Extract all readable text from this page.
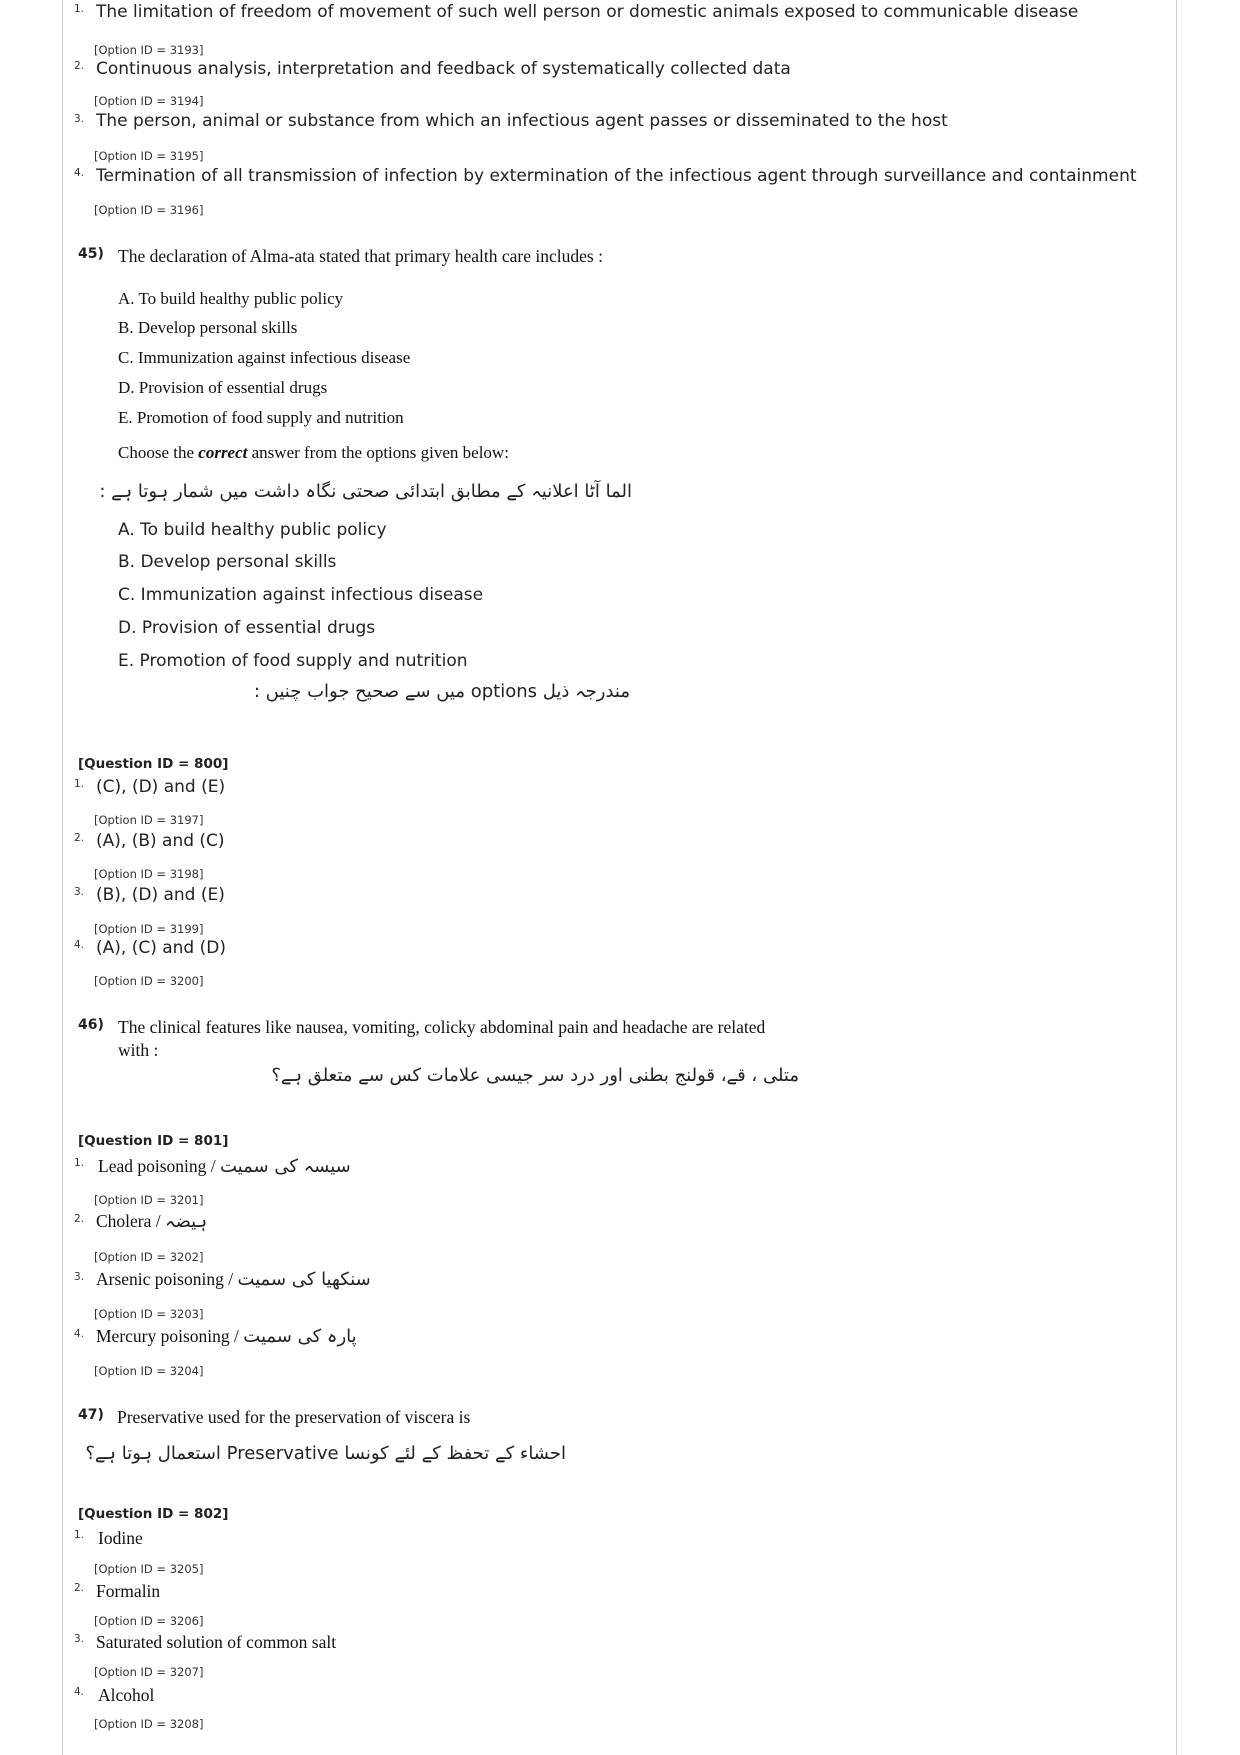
1. The limitation of freedom of movement of such well person or domestic animals exposed to communicable disease
[Option ID = 3193]
2. Continuous analysis, interpretation and feedback of systematically collected data
[Option ID = 3194]
3. The person, animal or substance from which an infectious agent passes or disseminated to the host
[Option ID = 3195]
4. Termination of all transmission of infection by extermination of the infectious agent through surveillance and containment
[Option ID = 3196]
45) The declaration of Alma-ata stated that primary health care includes :
A. To build healthy public policy
B. Develop personal skills
C. Immunization against infectious disease
D. Provision of essential drugs
E. Promotion of food supply and nutrition
Choose the correct answer from the options given below:
الما آٹا اعلانیہ کے مطابق ابتدائی صحتی نگاہ داشت میں شمار ہوتا ہے :
A. To build healthy public policy
B. Develop personal skills
C. Immunization against infectious disease
D. Provision of essential drugs
E. Promotion of food supply and nutrition
مندرجہ ذیل options میں سے صحیح جواب چنیں :
[Question ID = 800]
1. (C), (D) and (E)
[Option ID = 3197]
2. (A), (B) and (C)
[Option ID = 3198]
3. (B), (D) and (E)
[Option ID = 3199]
4. (A), (C) and (D)
[Option ID = 3200]
46) The clinical features like nausea, vomiting, colicky abdominal pain and headache are related
with :
متلی ، قے، قولنج بطنی اور درد سر جیسی علامات کس سے متعلق ہے؟
[Question ID = 801]
1. Lead poisoning / سیسہ کی سمیت
[Option ID = 3201]
2. Cholera / ہیضہ
[Option ID = 3202]
3. Arsenic poisoning / سنکھیا کی سمیت
[Option ID = 3203]
4. Mercury poisoning / پارہ کی سمیت
[Option ID = 3204]
47) Preservative used for the preservation of viscera is
احشاء کے تحفظ کے لئے کونسا Preservative استعمال ہوتا ہے؟
[Question ID = 802]
1. Iodine
[Option ID = 3205]
2. Formalin
[Option ID = 3206]
3. Saturated solution of common salt
[Option ID = 3207]
4. Alcohol
[Option ID = 3208]
